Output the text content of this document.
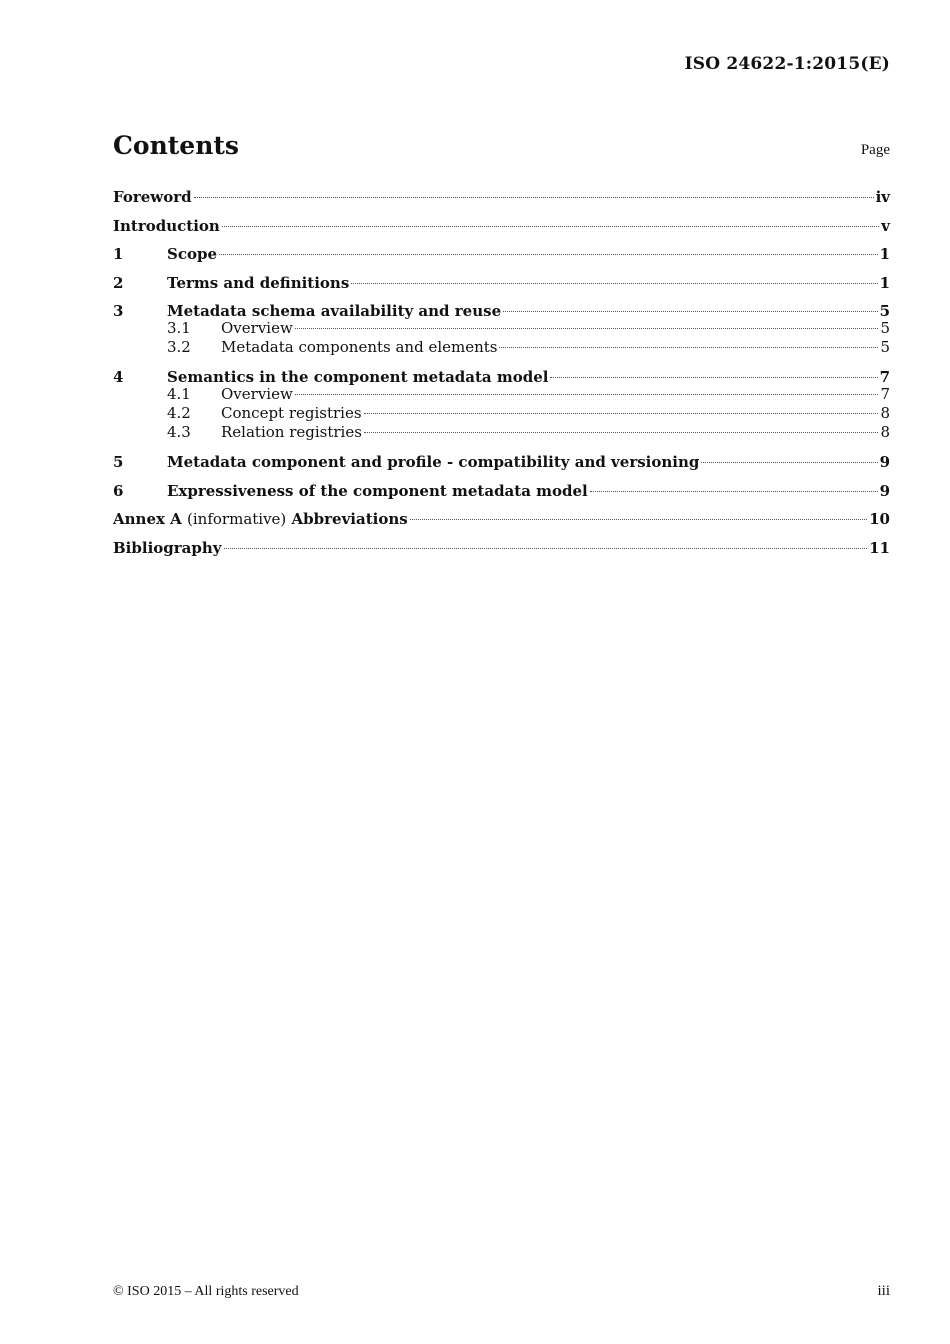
ISO 24622-1:2015(E)
Contents	Page
Foreword	iv
Introduction	v
1	Scope	1
2	Terms and definitions	1
3	Metadata schema availability and reuse	5
3.1	Overview	5
3.2	Metadata components and elements	5
4	Semantics in the component metadata model	7
4.1	Overview	7
4.2	Concept registries	8
4.3	Relation registries	8
5	Metadata component and profile - compatibility and versioning	9
6	Expressiveness of the component metadata model	9
Annex A (informative) Abbreviations	10
Bibliography	11
© ISO 2015 – All rights reserved	iii
